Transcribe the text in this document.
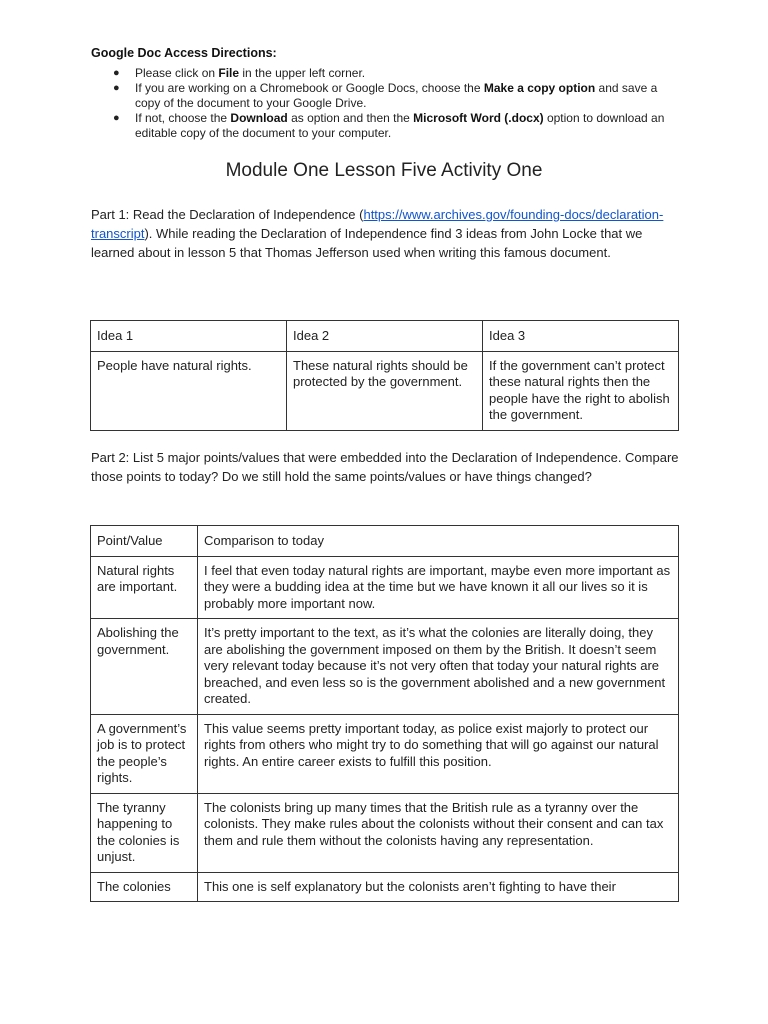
Google Doc Access Directions:
● Please click on File in the upper left corner.
● If you are working on a Chromebook or Google Docs, choose the Make a copy option and save a copy of the document to your Google Drive.
● If not, choose the Download as option and then the Microsoft Word (.docx) option to download an editable copy of the document to your computer.
Module One Lesson Five Activity One
Part 1: Read the Declaration of Independence (https://www.archives.gov/founding-docs/declaration-transcript). While reading the Declaration of Independence find 3 ideas from John Locke that we learned about in lesson 5 that Thomas Jefferson used when writing this famous document.
Idea 1	Idea 2	Idea 3
People have natural rights.	These natural rights should be protected by the government.	If the government can’t protect these natural rights then the people have the right to abolish the government.
Part 2: List 5 major points/values that were embedded into the Declaration of Independence. Compare those points to today? Do we still hold the same points/values or have things changed?
Point/Value	Comparison to today
Natural rights are important.	I feel that even today natural rights are important, maybe even more important as they were a budding idea at the time but we have known it all our lives so it is probably more important now.
Abolishing the government.	It’s pretty important to the text, as it’s what the colonies are literally doing, they are abolishing the government imposed on them by the British. It doesn’t seem very relevant today because it’s not very often that today your natural rights are breached, and even less so is the government abolished and a new government created.
A government’s job is to protect the people’s rights.	This value seems pretty important today, as police exist majorly to protect our rights from others who might try to do something that will go against our natural rights. An entire career exists to fulfill this position.
The tyranny happening to the colonies is unjust.	The colonists bring up many times that the British rule as a tyranny over the colonists. They make rules about the colonists without their consent and can tax them and rule them without the colonists having any representation.
The colonies	This one is self explanatory but the colonists aren’t fighting to have their
